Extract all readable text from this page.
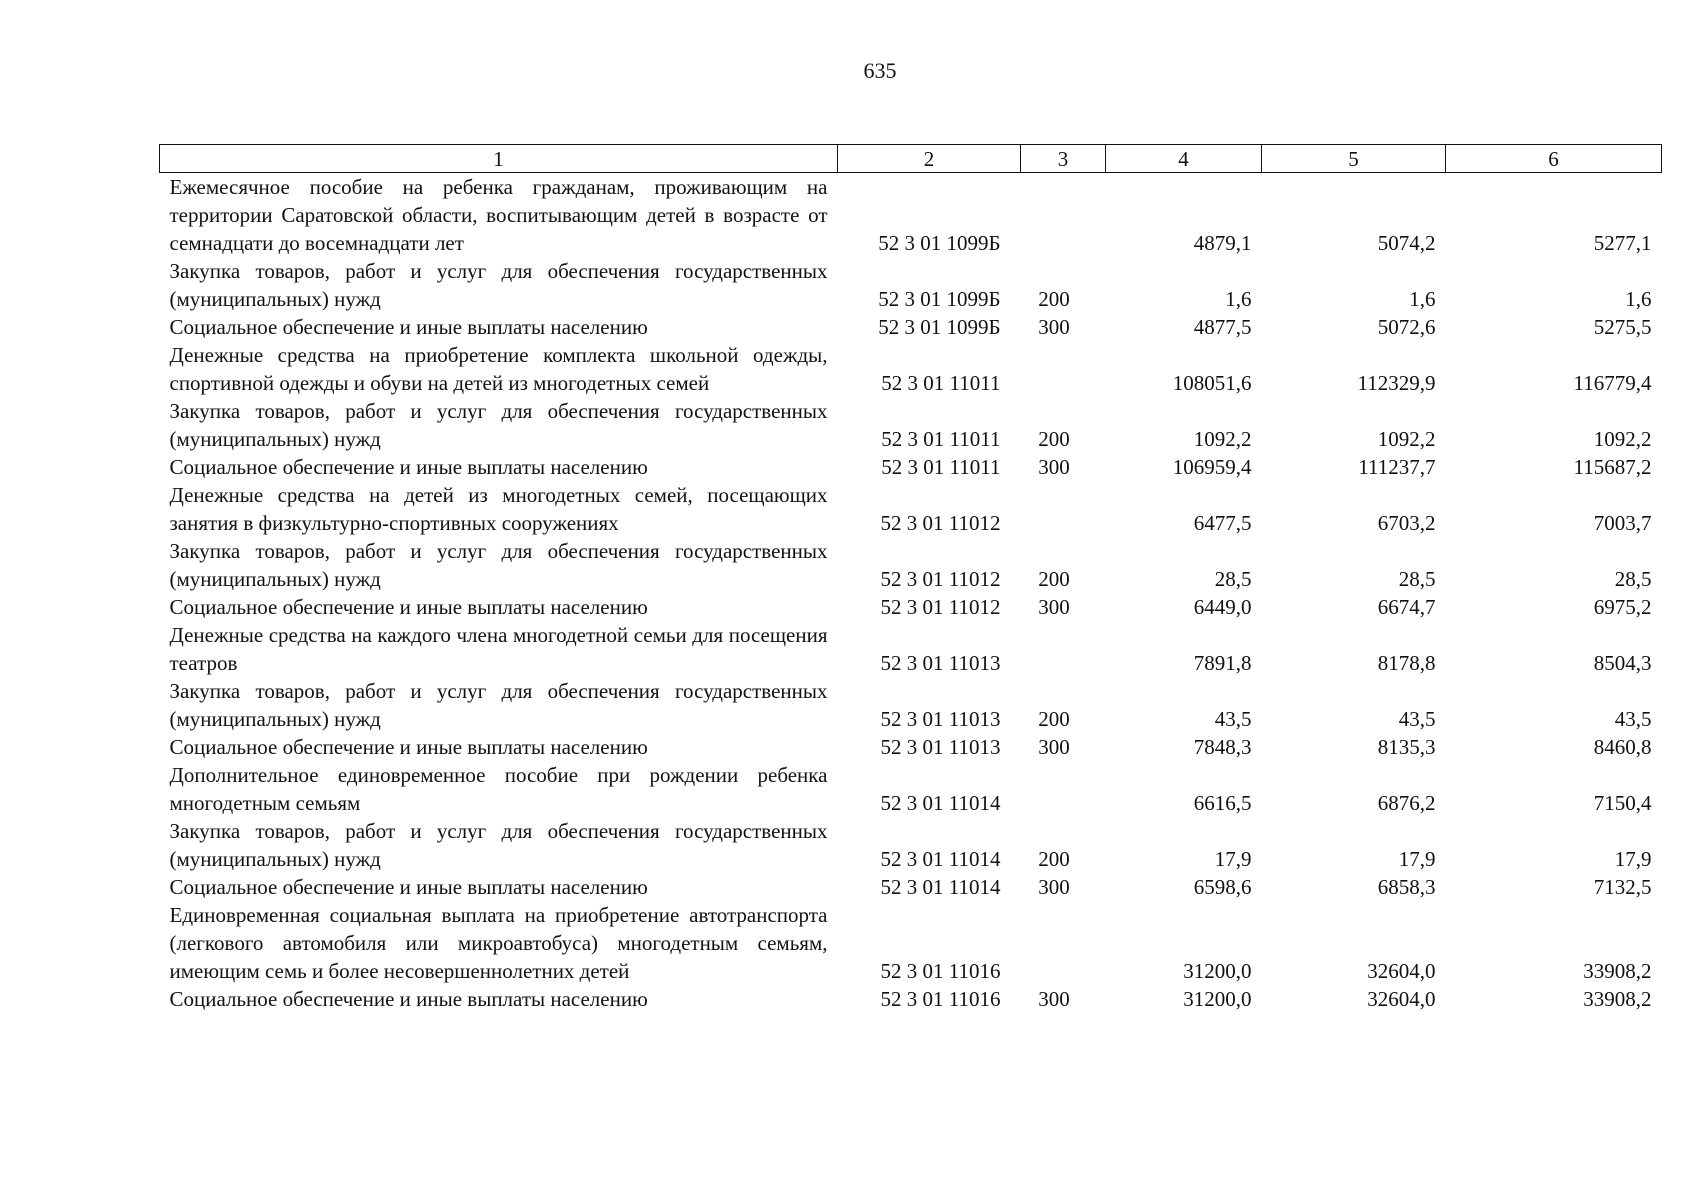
635
1	2	3	4	5	6

Ежемесячное пособие на ребенка гражданам, проживающим на территории Саратовской области, воспитывающим детей в возрасте от семнадцати до восемнадцати лет	52 3 01 1099Б		4879,1	5074,2	5277,1

Закупка товаров, работ и услуг для обеспечения государственных (муниципальных) нужд	52 3 01 1099Б	200	1,6	1,6	1,6

Социальное обеспечение и иные выплаты населению	52 3 01 1099Б	300	4877,5	5072,6	5275,5

Денежные средства на приобретение комплекта школьной одежды, спортивной одежды и обуви на детей из многодетных семей	52 3 01 11011		108051,6	112329,9	116779,4

Закупка товаров, работ и услуг для обеспечения государственных (муниципальных) нужд	52 3 01 11011	200	1092,2	1092,2	1092,2

Социальное обеспечение и иные выплаты населению	52 3 01 11011	300	106959,4	111237,7	115687,2

Денежные средства на детей из многодетных семей, посещающих занятия в физкультурно-спортивных сооружениях	52 3 01 11012		6477,5	6703,2	7003,7

Закупка товаров, работ и услуг для обеспечения государственных (муниципальных) нужд	52 3 01 11012	200	28,5	28,5	28,5

Социальное обеспечение и иные выплаты населению	52 3 01 11012	300	6449,0	6674,7	6975,2

Денежные средства на каждого члена многодетной семьи для посещения театров	52 3 01 11013		7891,8	8178,8	8504,3

Закупка товаров, работ и услуг для обеспечения государственных (муниципальных) нужд	52 3 01 11013	200	43,5	43,5	43,5

Социальное обеспечение и иные выплаты населению	52 3 01 11013	300	7848,3	8135,3	8460,8

Дополнительное единовременное пособие при рождении ребенка многодетным семьям	52 3 01 11014		6616,5	6876,2	7150,4

Закупка товаров, работ и услуг для обеспечения государственных (муниципальных) нужд	52 3 01 11014	200	17,9	17,9	17,9

Социальное обеспечение и иные выплаты населению	52 3 01 11014	300	6598,6	6858,3	7132,5

Единовременная социальная выплата на приобретение автотранспорта (легкового автомобиля или микроавтобуса) многодетным семьям, имеющим семь и более несовершеннолетних детей	52 3 01 11016		31200,0	32604,0	33908,2

Социальное обеспечение и иные выплаты населению	52 3 01 11016	300	31200,0	32604,0	33908,2
